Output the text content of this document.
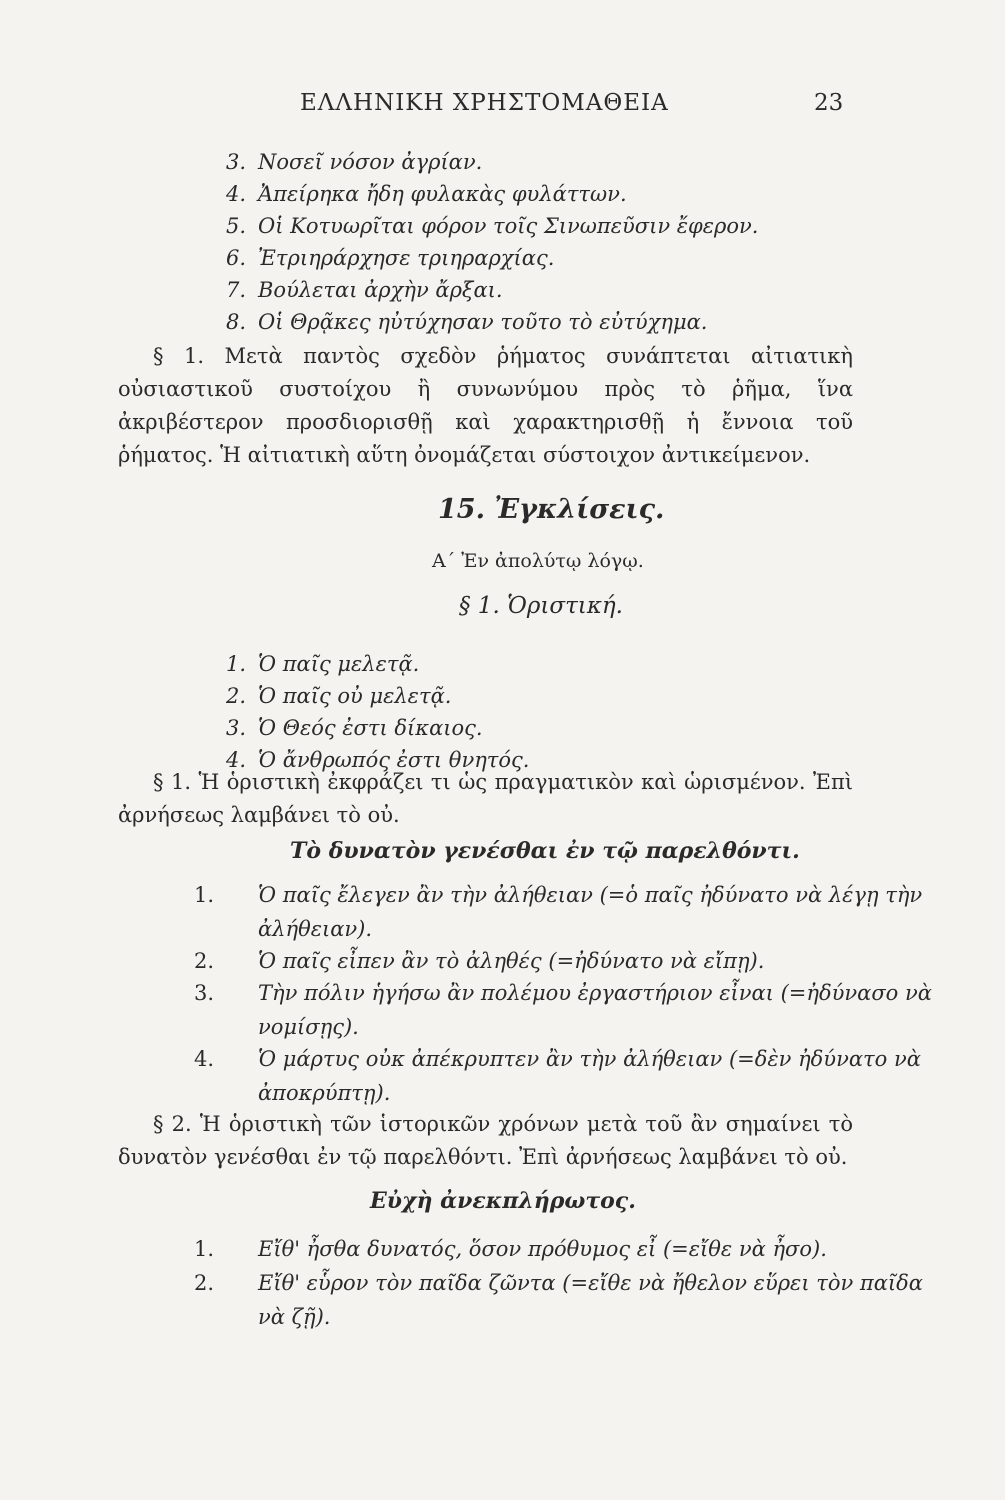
ΕΛΛΗΝΙΚΗ ΧΡΗΣΤΟΜΑΘΕΙΑ	23
3. Νοσεῖ νόσον ἀγρίαν.
4. Ἀπείρηκα ἤδη φυλακὰς φυλάττων.
5. Οἱ Κοτυωρῖται φόρον τοῖς Σινωπεῦσιν ἔφερον.
6. Ἐτριηράρχησε τριηραρχίας.
7. Βούλεται ἀρχὴν ἄρξαι.
8. Οἱ Θρᾷκες ηὐτύχησαν τοῦτο τὸ εὐτύχημα.
§ 1. Μετὰ παντὸς σχεδὸν ῥήματος συνάπτεται αἰτιατικὴ οὐσιαστικοῦ συστοίχου ἢ συνωνύμου πρὸς τὸ ῥῆμα, ἵνα ἀκριβέστερον προσδιορισθῇ καὶ χαρακτηρισθῇ ἡ ἔννοια τοῦ ῥήματος. Ἡ αἰτιατικὴ αὕτη ὀνομάζεται σύστοιχον ἀντικείμενον.
15. Ἐγκλίσεις.
Α΄ Ἐν ἀπολύτῳ λόγῳ.
§ 1. Ὁριστική.
1. Ὁ παῖς μελετᾷ.
2. Ὁ παῖς οὐ μελετᾷ.
3. Ὁ Θεός ἐστι δίκαιος.
4. Ὁ ἄνθρωπός ἐστι θνητός.
§ 1. Ἡ ὁριστικὴ ἐκφράζει τι ὡς πραγματικὸν καὶ ὡρισμένον. Ἐπὶ ἀρνήσεως λαμβάνει τὸ οὐ.
Τὸ δυνατὸν γενέσθαι ἐν τῷ παρελθόντι.
1. Ὁ παῖς ἔλεγεν ἂν τὴν ἀλήθειαν (=ὁ παῖς ἠδύνατο νὰ λέγῃ τὴν ἀλήθειαν).
2. Ὁ παῖς εἶπεν ἂν τὸ ἀληθές (=ἠδύνατο νὰ εἴπῃ).
3. Τὴν πόλιν ἡγήσω ἂν πολέμου ἐργαστήριον εἶναι (=ἠδύνασο νὰ νομίσῃς).
4. Ὁ μάρτυς οὐκ ἀπέκρυπτεν ἂν τὴν ἀλήθειαν (=δὲν ἠδύνατο νὰ ἀποκρύπτῃ).
§ 2. Ἡ ὁριστικὴ τῶν ἱστορικῶν χρόνων μετὰ τοῦ ἂν σημαίνει τὸ δυνατὸν γενέσθαι ἐν τῷ παρελθόντι. Ἐπὶ ἀρνήσεως λαμβάνει τὸ οὐ.
Εὐχὴ ἀνεκπλήρωτος.
1. Εἴθ' ἦσθα δυνατός, ὅσον πρόθυμος εἶ (=εἴθε νὰ ἦσο).
2. Εἴθ' εὗρον τὸν παῖδα ζῶντα (=εἴθε νὰ ἤθελον εὕρει τὸν παῖδα νὰ ζῇ).
